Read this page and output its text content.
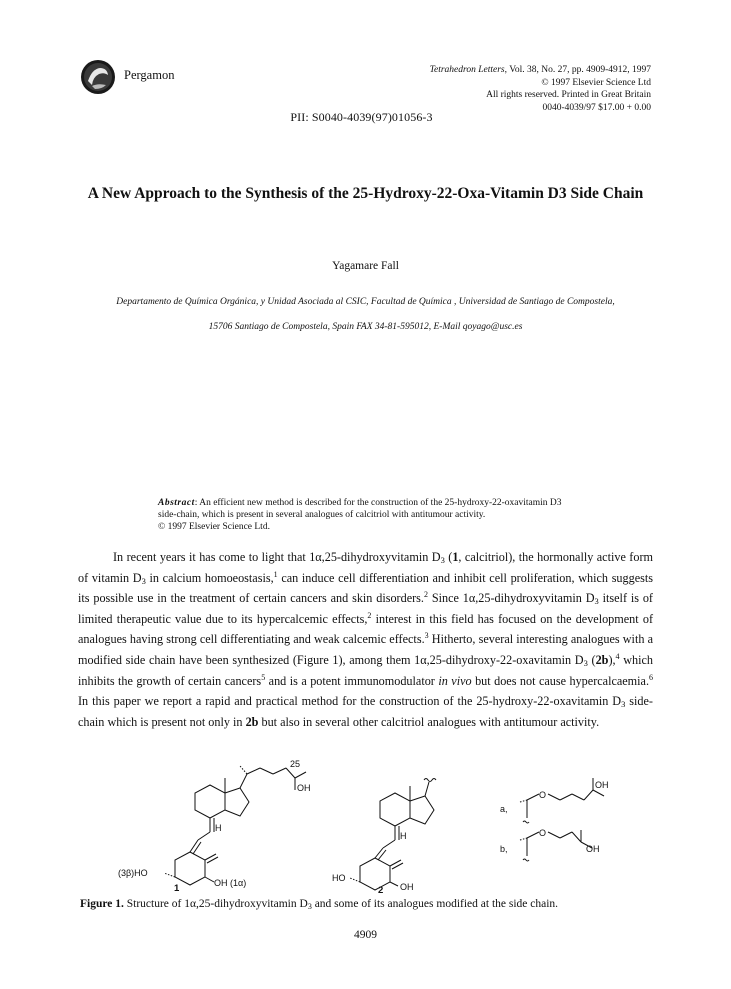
Pergamon	Tetrahedron Letters, Vol. 38, No. 27, pp. 4909-4912, 1997
© 1997 Elsevier Science Ltd
All rights reserved. Printed in Great Britain
0040-4039/97 $17.00 + 0.00
PII: S0040-4039(97)01056-3
A New Approach to the Synthesis of the 25-Hydroxy-22-Oxa-Vitamin D3 Side Chain
Yagamare Fall
Departamento de Química Orgánica, y Unidad Asociada al CSIC, Facultad de Química , Universidad de Santiago de Compostela,
15706 Santiago de Compostela, Spain FAX 34-81-595012, E-Mail qoyago@usc.es
Abstract: An efficient new method is described for the construction of the 25-hydroxy-22-oxavitamin D3 side-chain, which is present in several analogues of calcitriol with antitumour activity.
© 1997 Elsevier Science Ltd.
In recent years it has come to light that 1α,25-dihydroxyvitamin $D_3$ (1, calcitriol), the hormonally active form of vitamin $D_3$ in calcium homoeostasis,$^1$ can induce cell differentiation and inhibit cell proliferation, which suggests its possible use in the treatment of certain cancers and skin disorders.$^2$ Since 1α,25-dihydroxyvitamin $D_3$ itself is of limited therapeutic value due to its hypercalcemic effects,$^2$ interest in this field has focused on the development of analogues having strong cell differentiating and weak calcemic effects.$^3$ Hitherto, several interesting analogues with a modified side chain have been synthesized (Figure 1), among them 1α,25-dihydroxy-22-oxavitamin $D_3$ (2b),$^4$ which inhibits the growth of certain cancers$^5$ and is a potent immunomodulator in vivo but does not cause hypercalcaemia.$^6$ In this paper we report a rapid and practical method for the construction of the 25-hydroxy-22-oxavitamin $D_3$ side-chain which is present not only in 2b but also in several other calcitriol analogues with antitumour activity.
25
OH
H
(3β)HO
OH (1α)
1
H
HO
OH
2
a,
O
OH
b,
O
OH
Figure 1. Structure of 1α,25-dihydroxyvitamin $D_3$ and some of its analogues modified at the side chain.
4909
